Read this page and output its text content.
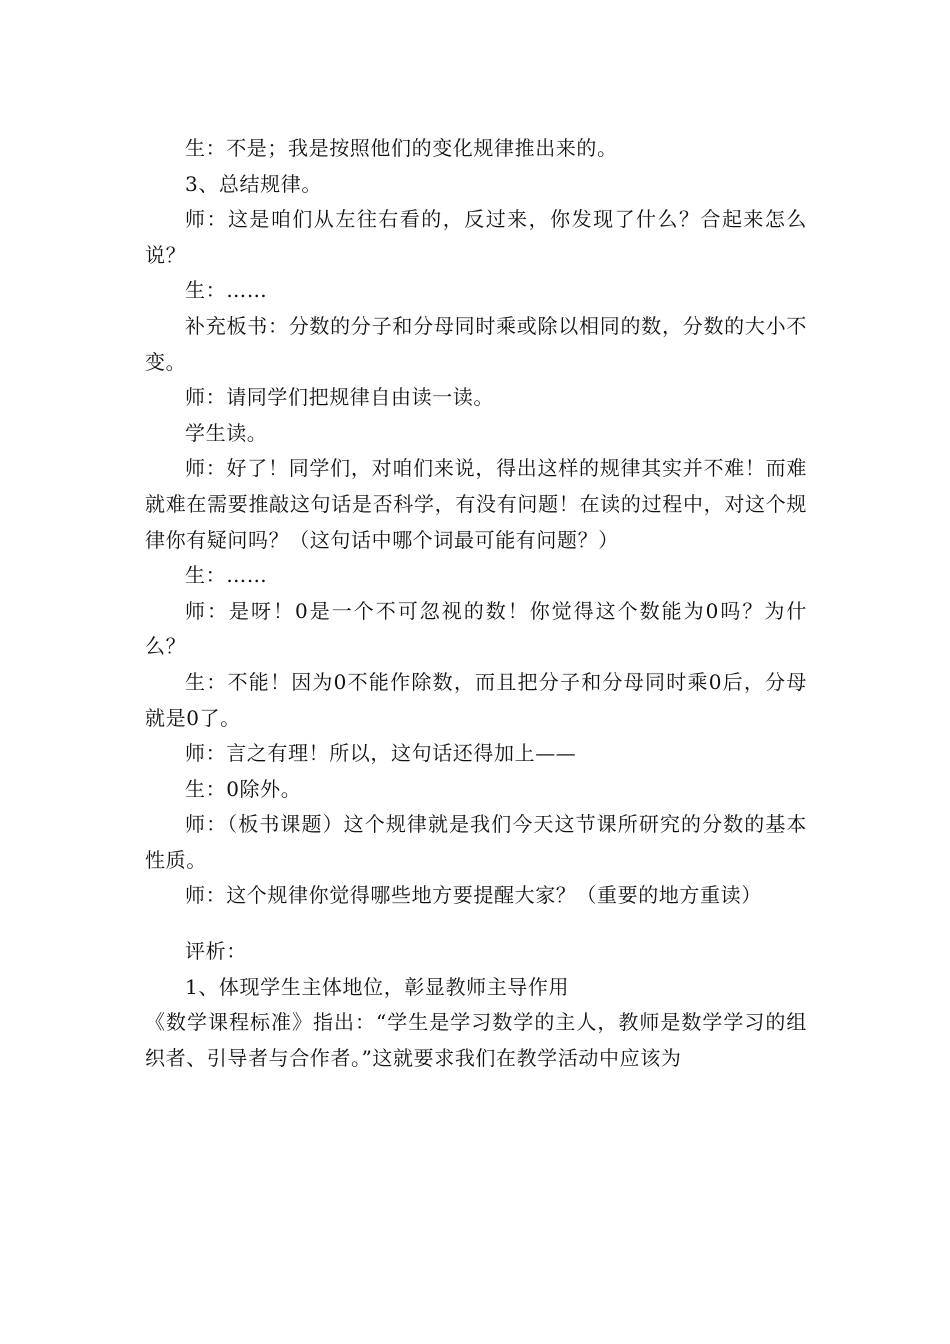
生：不是；我是按照他们的变化规律推出来的。

3、总结规律。

师：这是咱们从左往右看的，反过来，你发现了什么？合起来怎么说？

生：……

补充板书：分数的分子和分母同时乘或除以相同的数，分数的大小不变。

师：请同学们把规律自由读一读。

学生读。

师：好了！同学们，对咱们来说，得出这样的规律其实并不难！而难就难在需要推敲这句话是否科学，有没有问题！在读的过程中，对这个规律你有疑问吗？（这句话中哪个词最可能有问题？）

生：……

师：是呀！0是一个不可忽视的数！你觉得这个数能为0吗？为什么？

生：不能！因为0不能作除数，而且把分子和分母同时乘0后，分母就是0了。

师：言之有理！所以，这句话还得加上——

生：0除外。

师：（板书课题）这个规律就是我们今天这节课所研究的分数的基本性质。

师：这个规律你觉得哪些地方要提醒大家？（重要的地方重读）

评析：

1、体现学生主体地位，彰显教师主导作用

《数学课程标准》指出：“学生是学习数学的主人，教师是数学学习的组织者、引导者与合作者。”这就要求我们在教学活动中应该为
